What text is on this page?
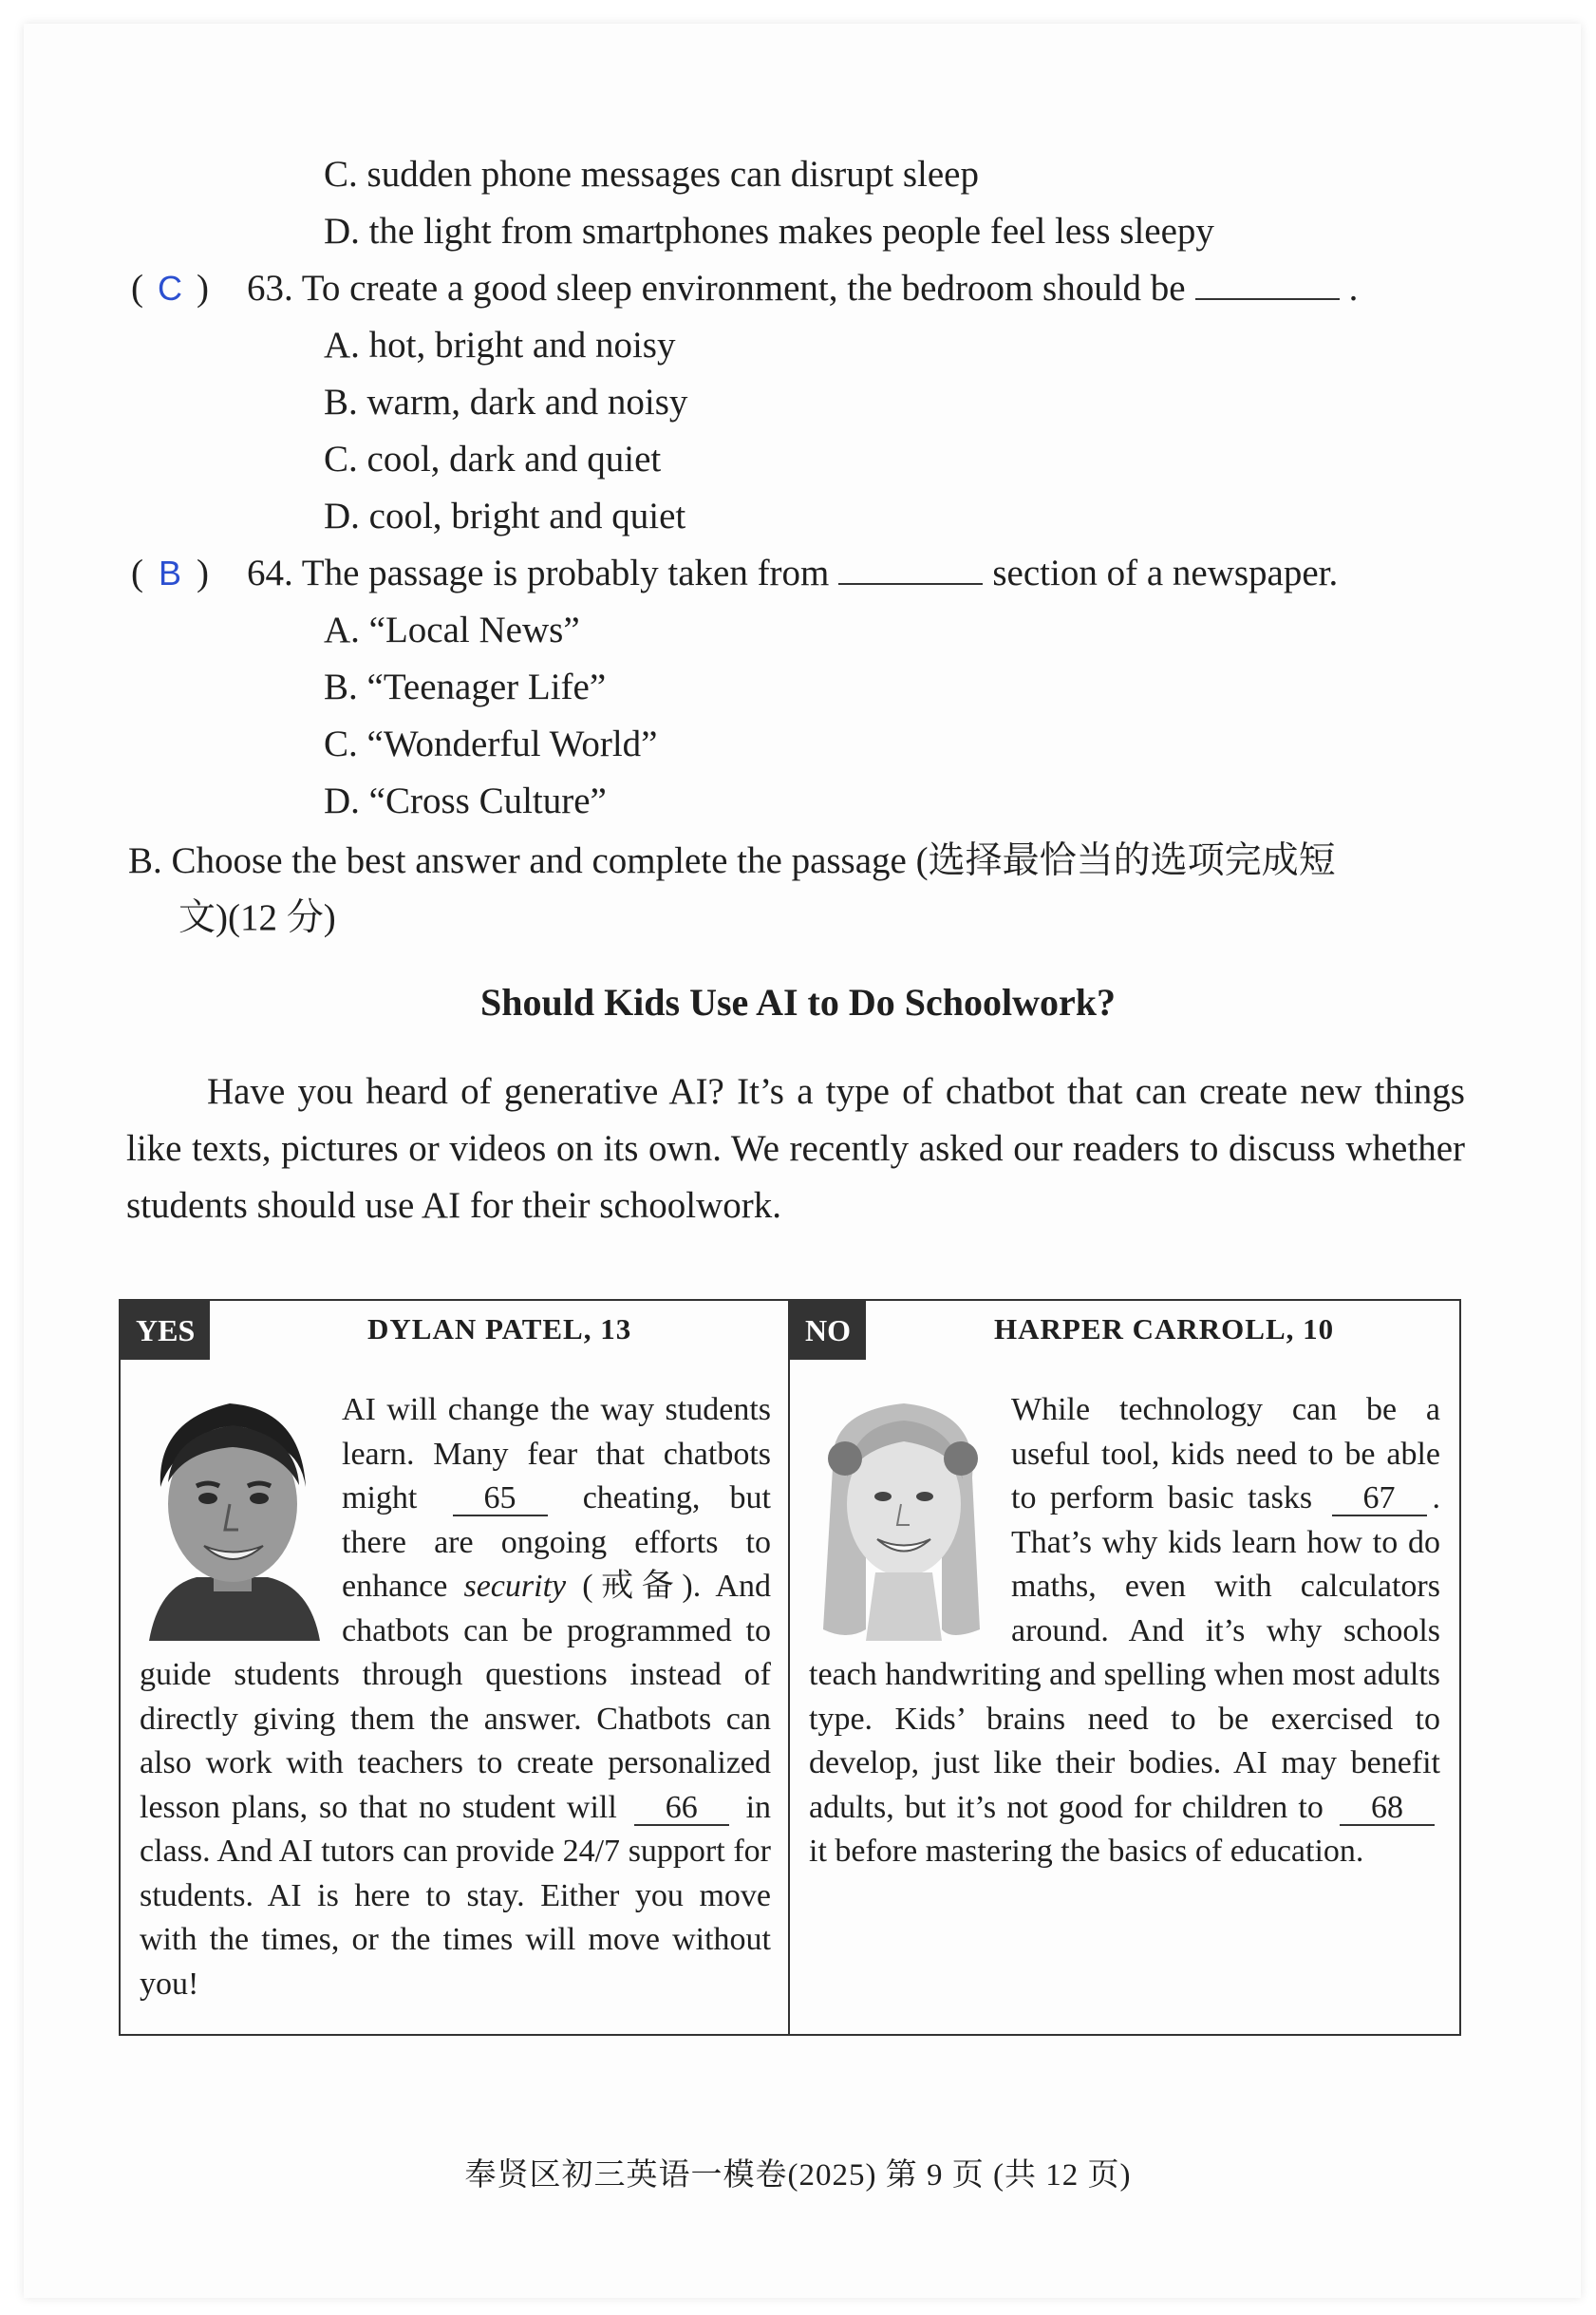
C. sudden phone messages can disrupt sleep
D. the light from smartphones makes people feel less sleepy
( C ) 63. To create a good sleep environment, the bedroom should be	.
A. hot, bright and noisy
B. warm, dark and noisy
C. cool, dark and quiet
D. cool, bright and quiet
( B ) 64. The passage is probably taken from	section of a newspaper.
A. “Local News”
B. “Teenager Life”
C. “Wonderful World”
D. “Cross Culture”
B. Choose the best answer and complete the passage (选择最恰当的选项完成短
文)(12 分)
Should Kids Use AI to Do Schoolwork?
Have you heard of generative AI? It’s a type of chatbot that can create new things like texts, pictures or videos on its own. We recently asked our readers to discuss whether students should use AI for their schoolwork.
YES	DYLAN PATEL, 13
AI will change the way students learn. Many fear that chatbots might 65 cheating, but there are ongoing efforts to enhance security (戒备). And chatbots can be programmed to guide students through questions instead of directly giving them the answer. Chatbots can also work with teachers to create personalized lesson plans, so that no student will 66 in class. And AI tutors can provide 24/7 support for students. AI is here to stay. Either you move with the times, or the times will move without you!
NO	HARPER CARROLL, 10
While technology can be a useful tool, kids need to be able to perform basic tasks 67 . That’s why kids learn how to do maths, even with calculators around. And it’s why schools teach handwriting and spelling when most adults type. Kids’ brains need to be exercised to develop, just like their bodies. AI may benefit adults, but it’s not good for children to 68 it before mastering the basics of education.
奉贤区初三英语一模卷(2025) 第 9 页 (共 12 页)
